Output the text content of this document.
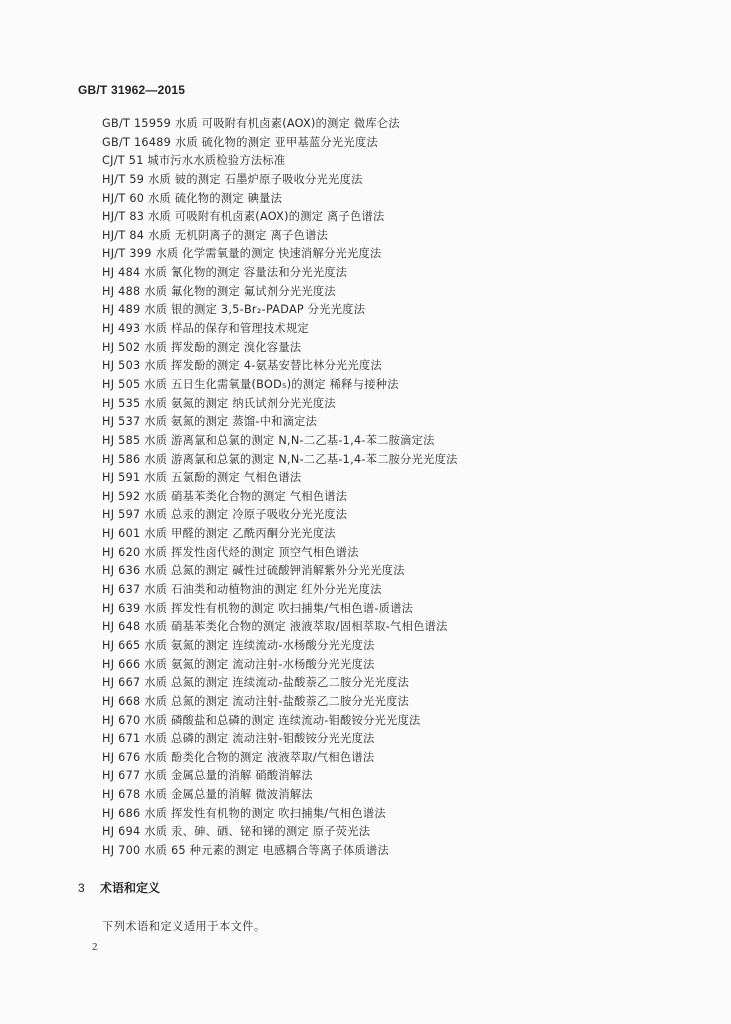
GB/T 31962—2015
GB/T 15959 水质 可吸附有机卤素(AOX)的测定 微库仑法
GB/T 16489 水质 硫化物的测定 亚甲基蓝分光光度法
CJ/T 51 城市污水水质检验方法标准
HJ/T 59 水质 铍的测定 石墨炉原子吸收分光光度法
HJ/T 60 水质 硫化物的测定 碘量法
HJ/T 83 水质 可吸附有机卤素(AOX)的测定 离子色谱法
HJ/T 84 水质 无机阴离子的测定 离子色谱法
HJ/T 399 水质 化学需氧量的测定 快速消解分光光度法
HJ 484 水质 氰化物的测定 容量法和分光光度法
HJ 488 水质 氟化物的测定 氟试剂分光光度法
HJ 489 水质 银的测定 3,5-Br₂-PADAP 分光光度法
HJ 493 水质 样品的保存和管理技术规定
HJ 502 水质 挥发酚的测定 溴化容量法
HJ 503 水质 挥发酚的测定 4-氨基安替比林分光光度法
HJ 505 水质 五日生化需氧量(BOD₅)的测定 稀释与接种法
HJ 535 水质 氨氮的测定 纳氏试剂分光光度法
HJ 537 水质 氨氮的测定 蒸馏-中和滴定法
HJ 585 水质 游离氯和总氯的测定 N,N-二乙基-1,4-苯二胺滴定法
HJ 586 水质 游离氯和总氯的测定 N,N-二乙基-1,4-苯二胺分光光度法
HJ 591 水质 五氯酚的测定 气相色谱法
HJ 592 水质 硝基苯类化合物的测定 气相色谱法
HJ 597 水质 总汞的测定 冷原子吸收分光光度法
HJ 601 水质 甲醛的测定 乙酰丙酮分光光度法
HJ 620 水质 挥发性卤代烃的测定 顶空气相色谱法
HJ 636 水质 总氮的测定 碱性过硫酸钾消解紫外分光光度法
HJ 637 水质 石油类和动植物油的测定 红外分光光度法
HJ 639 水质 挥发性有机物的测定 吹扫捕集/气相色谱-质谱法
HJ 648 水质 硝基苯类化合物的测定 液液萃取/固相萃取-气相色谱法
HJ 665 水质 氨氮的测定 连续流动-水杨酸分光光度法
HJ 666 水质 氨氮的测定 流动注射-水杨酸分光光度法
HJ 667 水质 总氮的测定 连续流动-盐酸萘乙二胺分光光度法
HJ 668 水质 总氮的测定 流动注射-盐酸萘乙二胺分光光度法
HJ 670 水质 磷酸盐和总磷的测定 连续流动-钼酸铵分光光度法
HJ 671 水质 总磷的测定 流动注射-钼酸铵分光光度法
HJ 676 水质 酚类化合物的测定 液液萃取/气相色谱法
HJ 677 水质 金属总量的消解 硝酸消解法
HJ 678 水质 金属总量的消解 微波消解法
HJ 686 水质 挥发性有机物的测定 吹扫捕集/气相色谱法
HJ 694 水质 汞、砷、硒、铋和锑的测定 原子荧光法
HJ 700 水质 65 种元素的测定 电感耦合等离子体质谱法
3 术语和定义
下列术语和定义适用于本文件。
2
